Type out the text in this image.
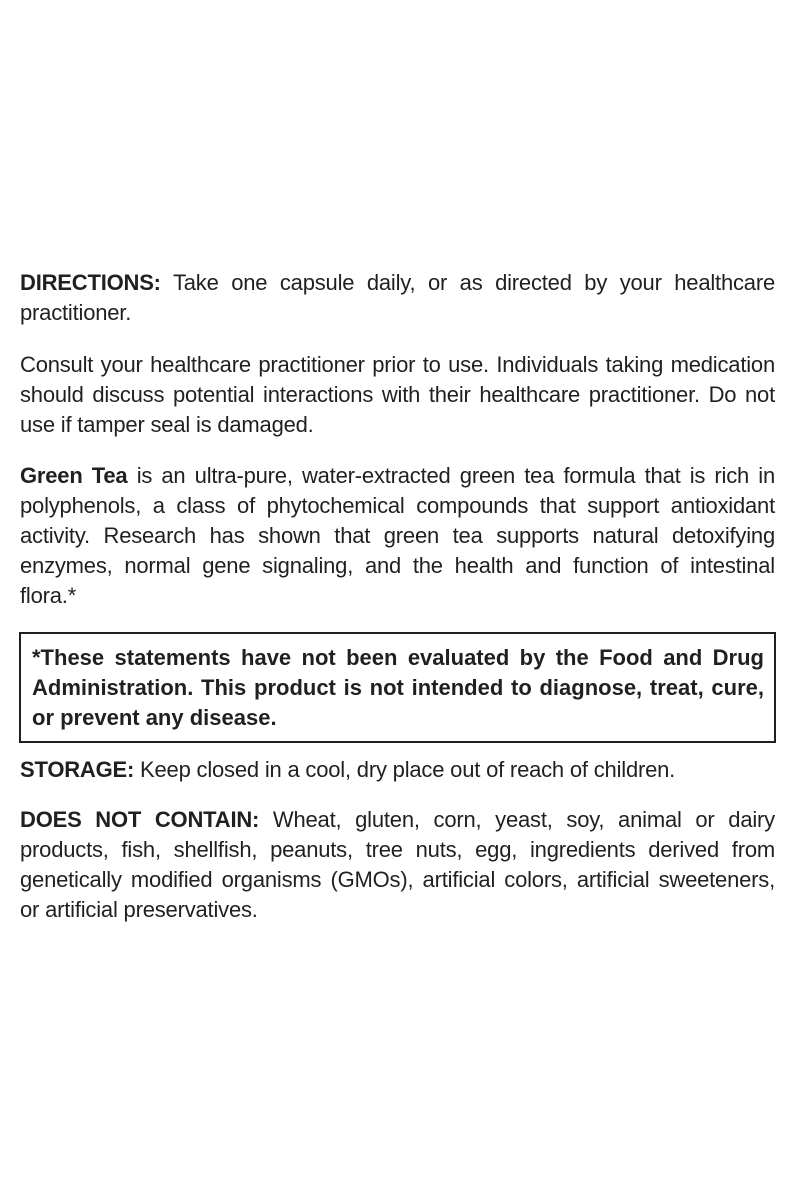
DIRECTIONS: Take one capsule daily, or as directed by your healthcare practitioner.

Consult your healthcare practitioner prior to use. Individuals taking medication should discuss potential interactions with their healthcare practitioner. Do not use if tamper seal is damaged.

Green Tea is an ultra-pure, water-extracted green tea formula that is rich in polyphenols, a class of phytochemical compounds that support antioxidant activity. Research has shown that green tea supports natural detoxifying enzymes, normal gene signaling, and the health and function of intestinal flora.*

*These statements have not been evaluated by the Food and Drug Administration. This product is not intended to diagnose, treat, cure, or prevent any disease.

STORAGE: Keep closed in a cool, dry place out of reach of children.

DOES NOT CONTAIN: Wheat, gluten, corn, yeast, soy, animal or dairy products, fish, shellfish, peanuts, tree nuts, egg, ingredients derived from genetically modified organisms (GMOs), artificial colors, artificial sweeteners, or artificial preservatives.
